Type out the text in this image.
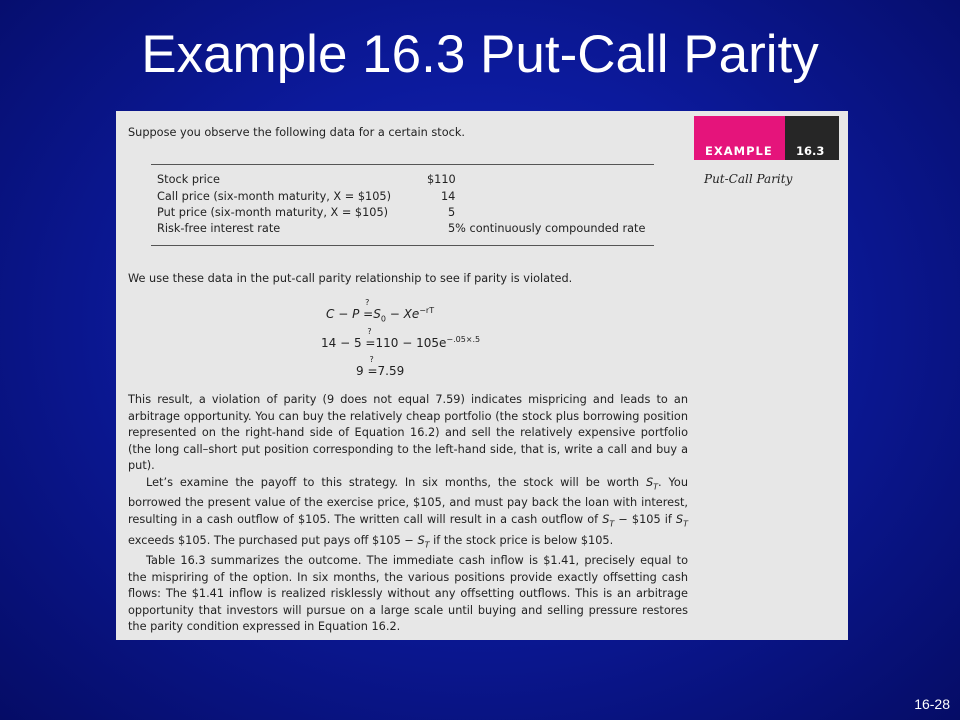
Example 16.3 Put-Call Parity
Suppose you observe the following data for a certain stock.
Stock price	$110
Call price (six-month maturity, X = $105)	14
Put price (six-month maturity, X = $105)	5
Risk-free interest rate	5% continuously compounded rate
We use these data in the put-call parity relationship to see if parity is violated.
C − P ? $=S_0 - Xe^{-rT}$
14 − 5 ? $=110 - 105e^{-.05\times.5}$
9 ? =7.59

This result, a violation of parity (9 does not equal 7.59) indicates mispricing and leads to an arbitrage opportunity. You can buy the relatively cheap portfolio (the stock plus borrowing position represented on the right-hand side of Equation 16.2) and sell the relatively expensive portfolio (the long call–short put position corresponding to the left-hand side, that is, write a call and buy a put).

Let’s examine the payoff to this strategy. In six months, the stock will be worth $S_T$. You borrowed the present value of the exercise price, $105, and must pay back the loan with interest, resulting in a cash outflow of $105. The written call will result in a cash outflow of $S_T$ − $105 if $S_T$ exceeds $105. The purchased put pays off $105 − $S_T$ if the stock price is below $105.

Table 16.3 summarizes the outcome. The immediate cash inflow is $1.41, precisely equal to the mispriring of the option. In six months, the various positions provide exactly offsetting cash flows: The $1.41 inflow is realized risklessly without any offsetting outflows. This is an arbitrage opportunity that investors will pursue on a large scale until buying and selling pressure restores the parity condition expressed in Equation 16.2.

EXAMPLE	16.3
Put-Call Parity
16-28
